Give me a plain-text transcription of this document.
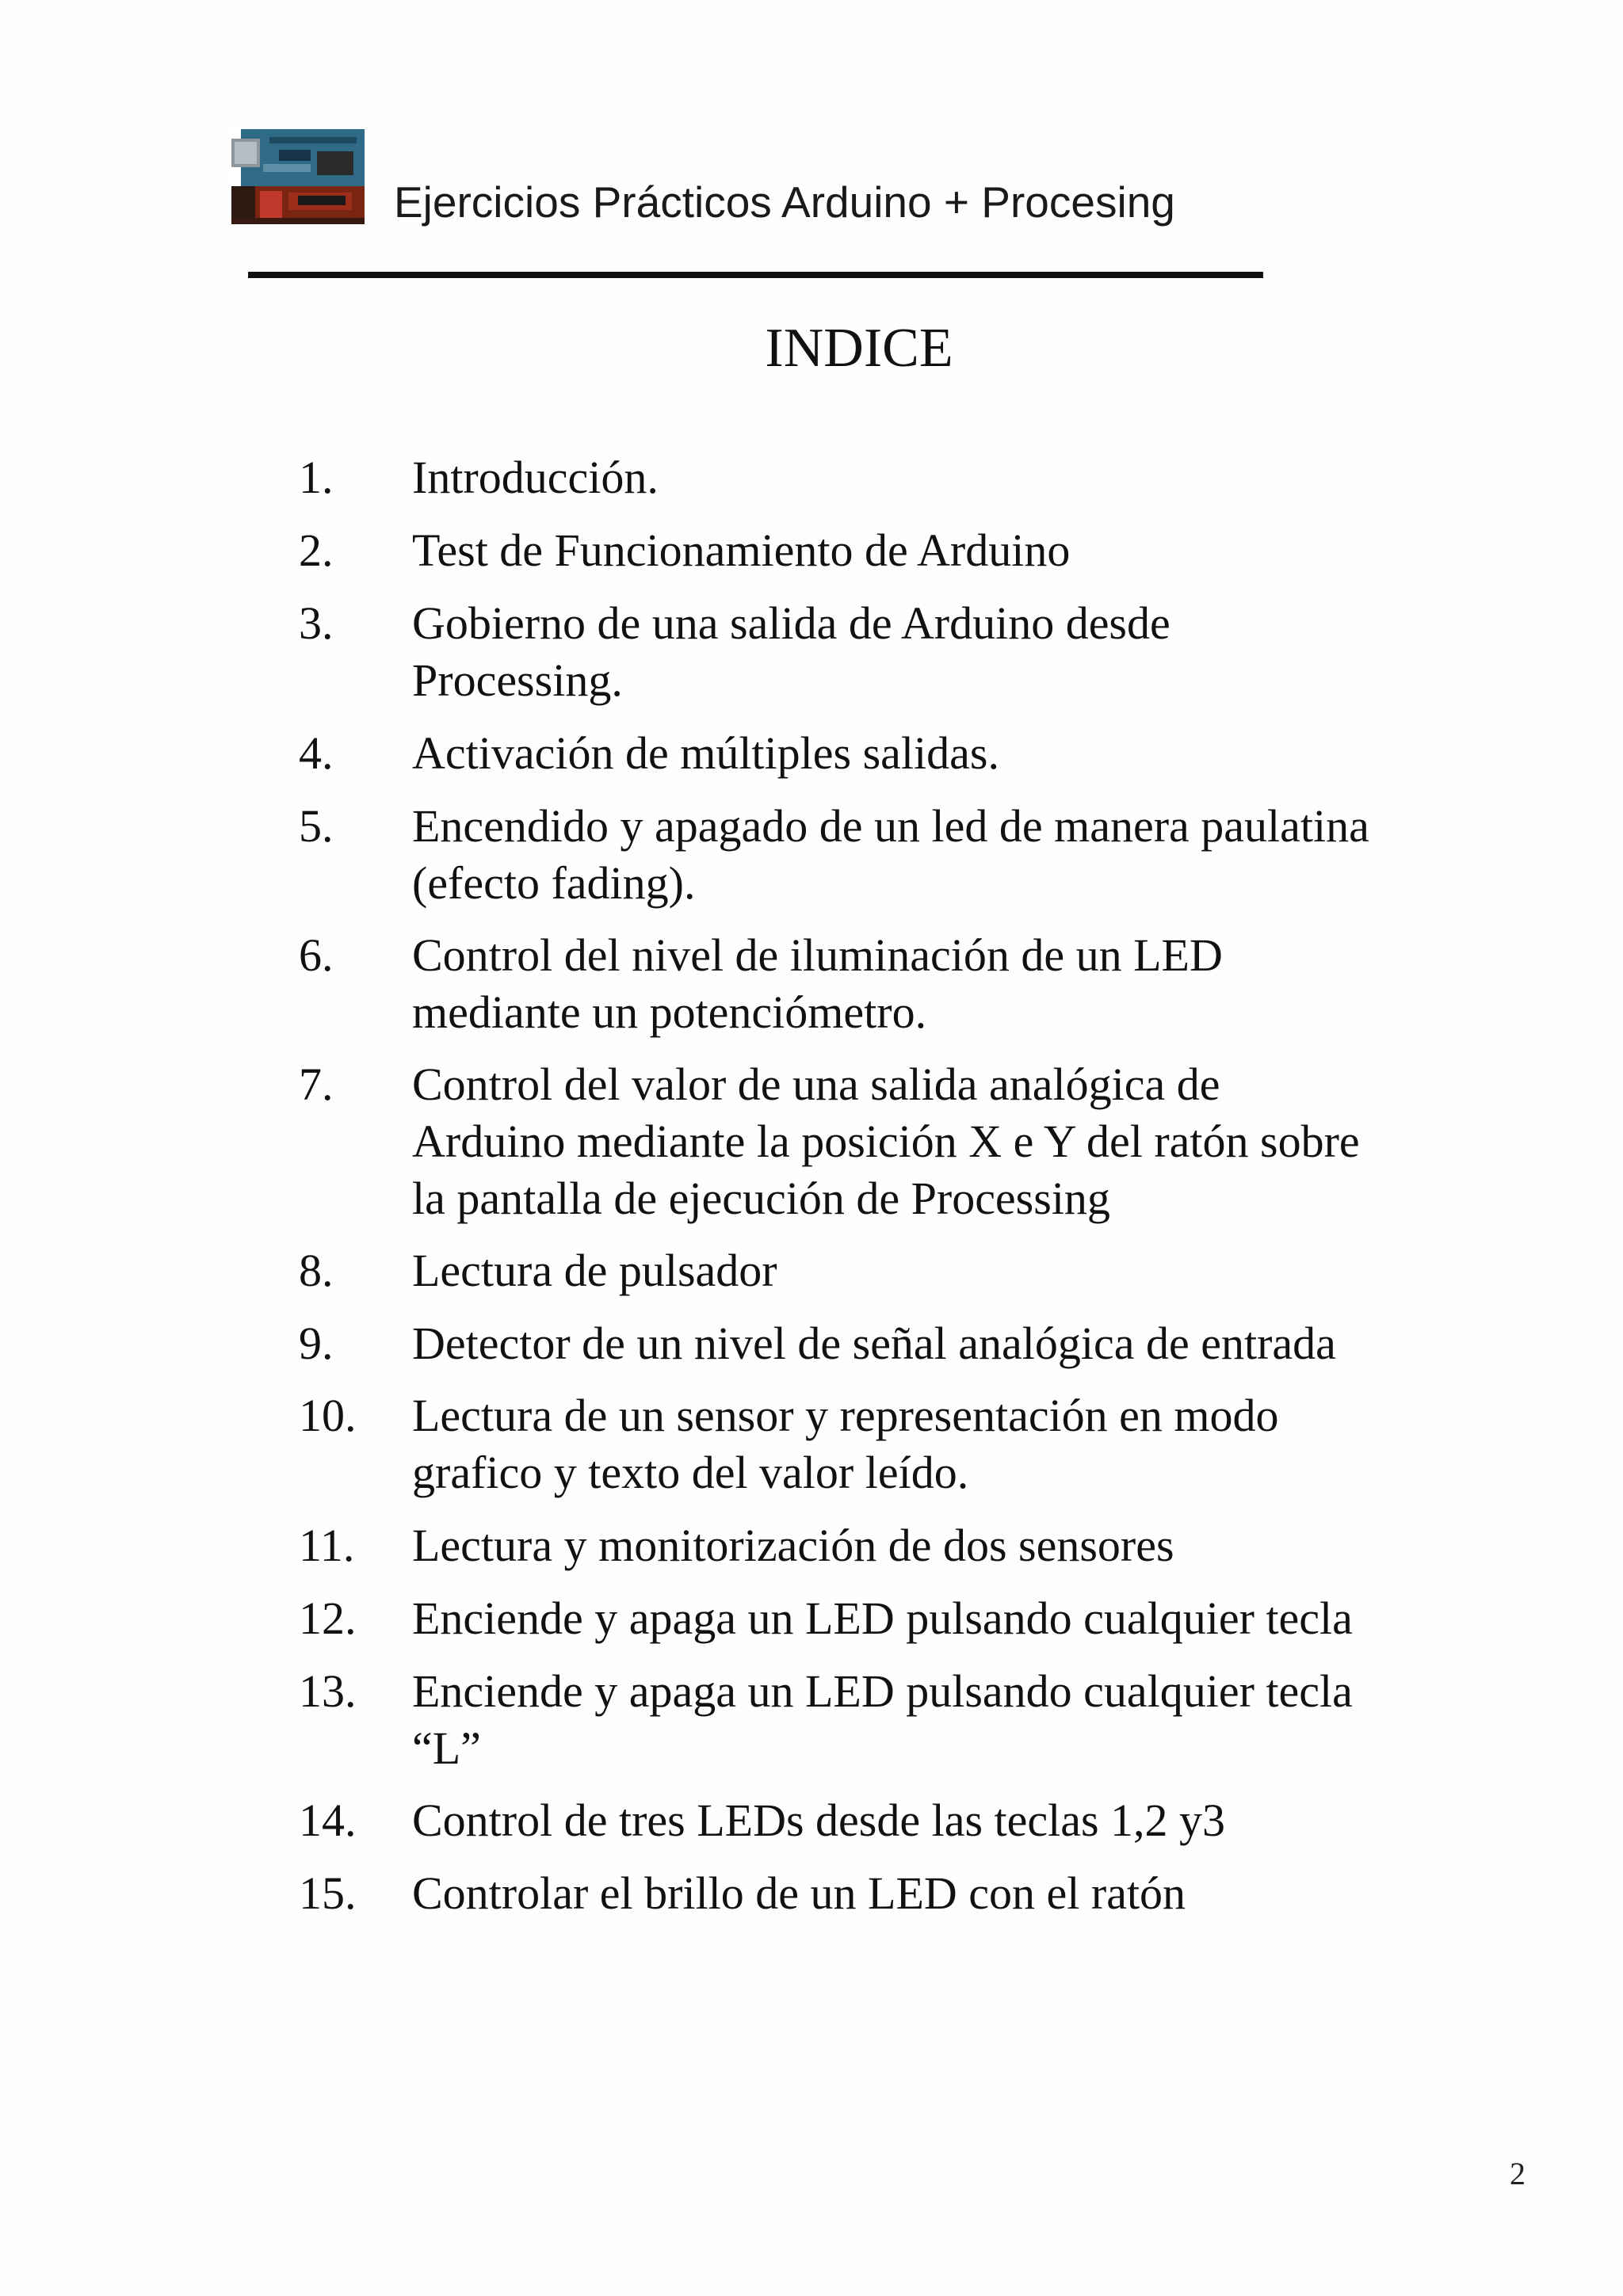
Ejercicios Prácticos Arduino + Procesing
INDICE
1. Introducción.
2. Test de Funcionamiento de Arduino
3. Gobierno de una salida de Arduino desde
Processing.
4. Activación de múltiples salidas.
5. Encendido y apagado de un led de manera paulatina
(efecto fading).
6. Control del nivel de iluminación de un LED
mediante un potenciómetro.
7. Control del valor de una salida analógica de
Arduino mediante la posición X e Y del ratón sobre
la pantalla de ejecución de Processing
8. Lectura de pulsador
9. Detector de un nivel de señal analógica de entrada
10. Lectura de un sensor y representación en modo
grafico y texto del valor leído.
11. Lectura y monitorización de dos sensores
12. Enciende y apaga un LED pulsando cualquier tecla
13. Enciende y apaga un LED pulsando cualquier tecla
“L”
14. Control de tres LEDs desde las teclas 1,2 y3
15. Controlar el brillo de un LED con el ratón
2
